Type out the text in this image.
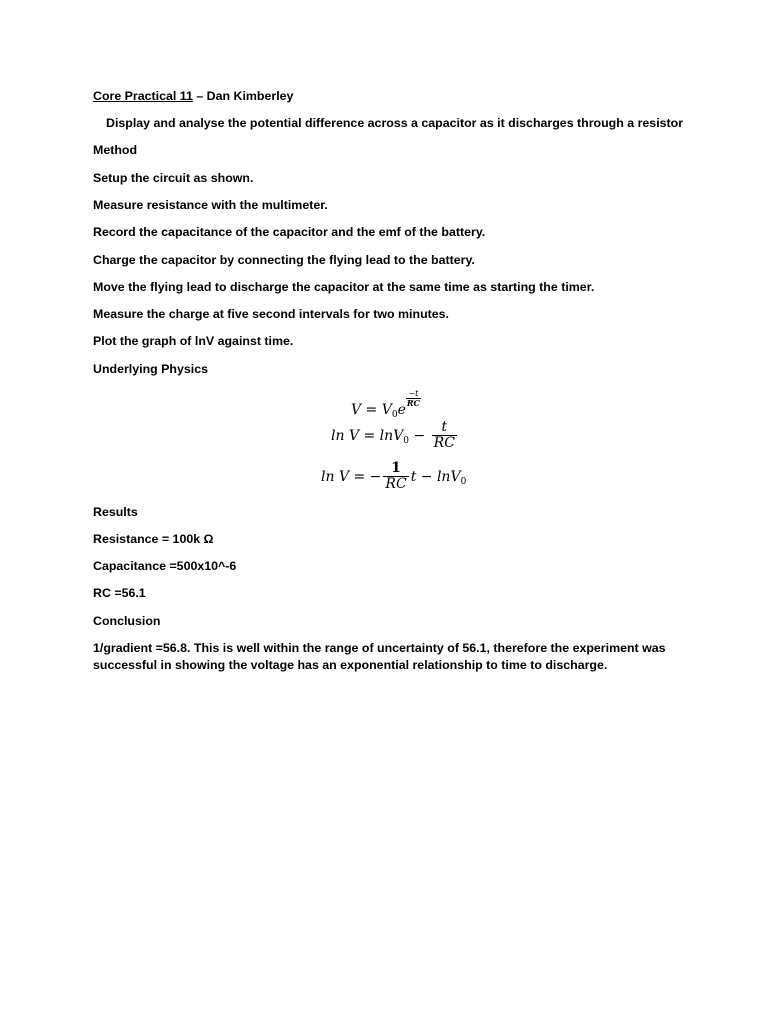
Core Practical 11 – Dan Kimberley
Display and analyse the potential difference across a capacitor as it discharges through a resistor
Method
Setup the circuit as shown.
Measure resistance with the multimeter.
Record the capacitance of the capacitor and the emf of the battery.
Charge the capacitor by connecting the flying lead to the battery.
Move the flying lead to discharge the capacitor at the same time as starting the timer.
Measure the charge at five second intervals for two minutes.
Plot the graph of lnV against time.
Underlying Physics
$V = V_0e$
$\frac{-t}{RC}$
$\ln V = \ln V_0 - \frac{t}{RC}$
ln V = − $\frac{1}{RC}$ t − lnV$_0$
Results
Resistance = 100k Ω
Capacitance =500x10^-6
RC =56.1
Conclusion
1/gradient =56.8. This is well within the range of uncertainty of 56.1, therefore the experiment was successful in showing the voltage has an exponential relationship to time to discharge.
